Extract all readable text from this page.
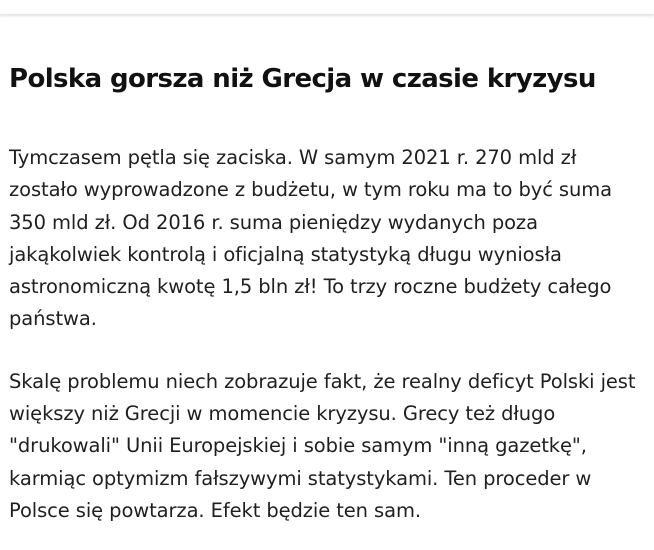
Polska gorsza niż Grecja w czasie kryzysu

Tymczasem pętla się zaciska. W samym 2021 r. 270 mld zł zostało wyprowadzone z budżetu, w tym roku ma to być suma 350 mld zł. Od 2016 r. suma pieniędzy wydanych poza jakąkolwiek kontrolą i oficjalną statystyką długu wyniosła astronomiczną kwotę 1,5 bln zł! To trzy roczne budżety całego państwa.

Skalę problemu niech zobrazuje fakt, że realny deficyt Polski jest większy niż Grecji w momencie kryzysu. Grecy też długo "drukowali" Unii Europejskiej i sobie samym "inną gazetkę", karmiąc optymizm fałszywymi statystykami. Ten proceder w Polsce się powtarza. Efekt będzie ten sam.
